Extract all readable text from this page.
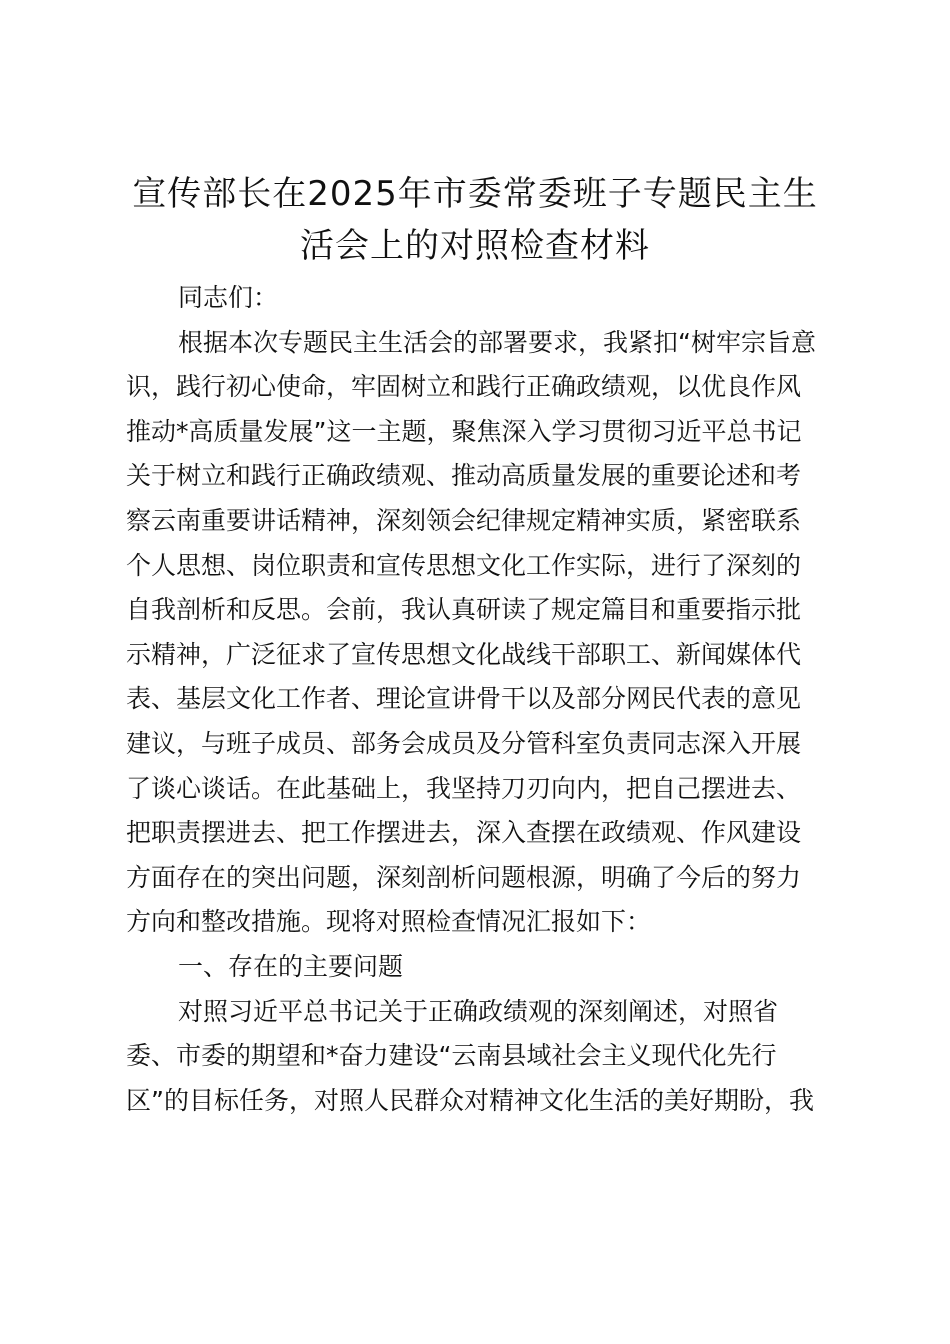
宣传部长在2025年市委常委班子专题民主生
活会上的对照检查材料
同志们：
根据本次专题民主生活会的部署要求，我紧扣“树牢宗旨意
识，践行初心使命，牢固树立和践行正确政绩观，以优良作风
推动*高质量发展”这一主题，聚焦深入学习贯彻习近平总书记
关于树立和践行正确政绩观、推动高质量发展的重要论述和考
察云南重要讲话精神，深刻领会纪律规定精神实质，紧密联系
个人思想、岗位职责和宣传思想文化工作实际，进行了深刻的
自我剖析和反思。会前，我认真研读了规定篇目和重要指示批
示精神，广泛征求了宣传思想文化战线干部职工、新闻媒体代
表、基层文化工作者、理论宣讲骨干以及部分网民代表的意见
建议，与班子成员、部务会成员及分管科室负责同志深入开展
了谈心谈话。在此基础上，我坚持刀刃向内，把自己摆进去、
把职责摆进去、把工作摆进去，深入查摆在政绩观、作风建设
方面存在的突出问题，深刻剖析问题根源，明确了今后的努力
方向和整改措施。现将对照检查情况汇报如下：
一、存在的主要问题
对照习近平总书记关于正确政绩观的深刻阐述，对照省
委、市委的期望和*奋力建设“云南县域社会主义现代化先行
区”的目标任务，对照人民群众对精神文化生活的美好期盼，我
